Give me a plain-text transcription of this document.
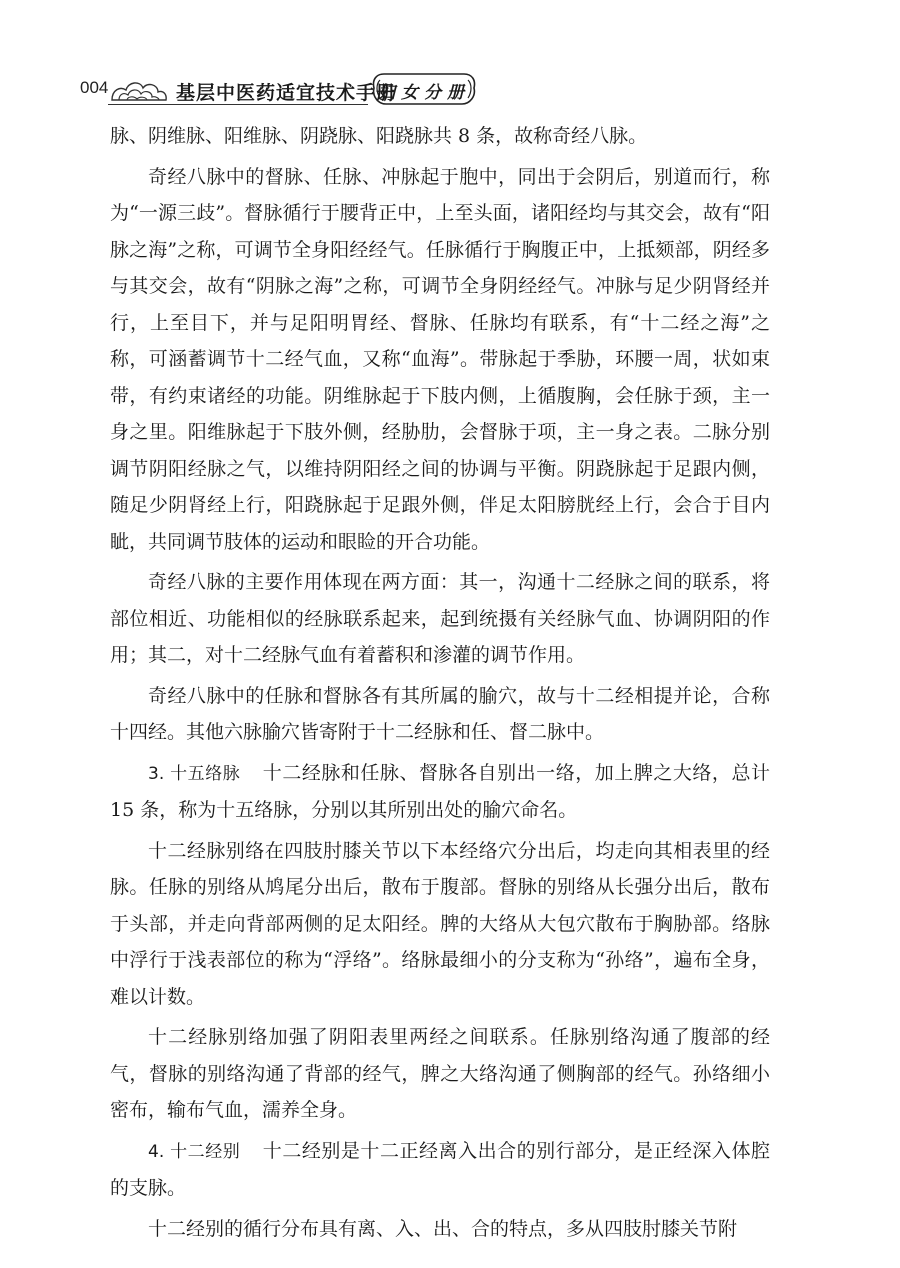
004	基层中医药适宜技术手册
妇女分册

脉、阴维脉、阳维脉、阴跷脉、阳跷脉共 8 条，故称奇经八脉。

奇经八脉中的督脉、任脉、冲脉起于胞中，同出于会阴后，别道而行，称为“一源三歧”。督脉循行于腰背正中，上至头面，诸阳经均与其交会，故有“阳脉之海”之称，可调节全身阳经经气。任脉循行于胸腹正中，上抵颏部，阴经多与其交会，故有“阴脉之海”之称，可调节全身阴经经气。冲脉与足少阴肾经并行，上至目下，并与足阳明胃经、督脉、任脉均有联系，有“十二经之海”之称，可涵蓄调节十二经气血，又称“血海”。带脉起于季胁，环腰一周，状如束带，有约束诸经的功能。阴维脉起于下肢内侧，上循腹胸，会任脉于颈，主一身之里。阳维脉起于下肢外侧，经胁肋，会督脉于项，主一身之表。二脉分别调节阴阳经脉之气，以维持阴阳经之间的协调与平衡。阴跷脉起于足跟内侧，随足少阴肾经上行，阳跷脉起于足跟外侧，伴足太阳膀胱经上行，会合于目内眦，共同调节肢体的运动和眼睑的开合功能。

奇经八脉的主要作用体现在两方面：其一，沟通十二经脉之间的联系，将部位相近、功能相似的经脉联系起来，起到统摄有关经脉气血、协调阴阳的作用；其二，对十二经脉气血有着蓄积和渗灌的调节作用。

奇经八脉中的任脉和督脉各有其所属的腧穴，故与十二经相提并论，合称十四经。其他六脉腧穴皆寄附于十二经脉和任、督二脉中。

3. 十五络脉 十二经脉和任脉、督脉各自别出一络，加上脾之大络，总计 15 条，称为十五络脉，分别以其所别出处的腧穴命名。

十二经脉别络在四肢肘膝关节以下本经络穴分出后，均走向其相表里的经脉。任脉的别络从鸠尾分出后，散布于腹部。督脉的别络从长强分出后，散布于头部，并走向背部两侧的足太阳经。脾的大络从大包穴散布于胸胁部。络脉中浮行于浅表部位的称为“浮络”。络脉最细小的分支称为“孙络”，遍布全身，难以计数。

十二经脉别络加强了阴阳表里两经之间联系。任脉别络沟通了腹部的经气，督脉的别络沟通了背部的经气，脾之大络沟通了侧胸部的经气。孙络细小密布，输布气血，濡养全身。

4. 十二经别 十二经别是十二正经离入出合的别行部分，是正经深入体腔的支脉。

十二经别的循行分布具有离、入、出、合的特点，多从四肢肘膝关节附
